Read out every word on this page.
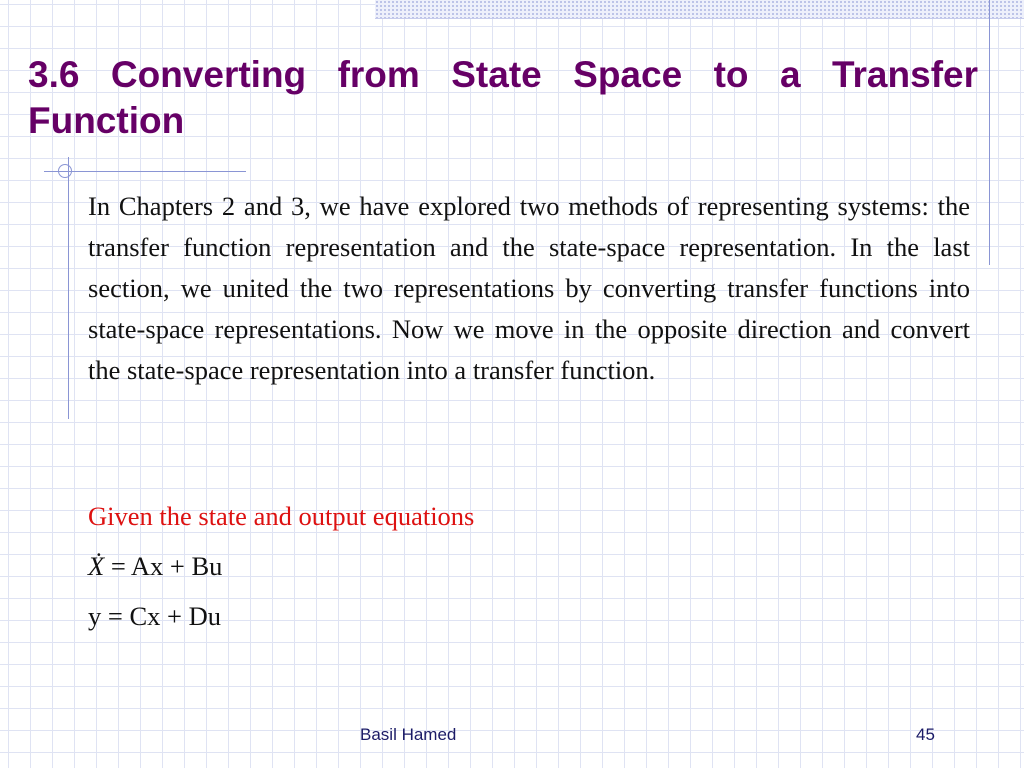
3.6 Converting from State Space to a Transfer Function

In Chapters 2 and 3, we have explored two methods of representing systems: the transfer function representation and the state-space representation. In the last section, we united the two representations by converting transfer functions into state-space representations. Now we move in the opposite direction and convert the state-space representation into a transfer function.

Given the state and output equations

Ẋ = Ax + Bu

y = Cx + Du

Basil Hamed	45
